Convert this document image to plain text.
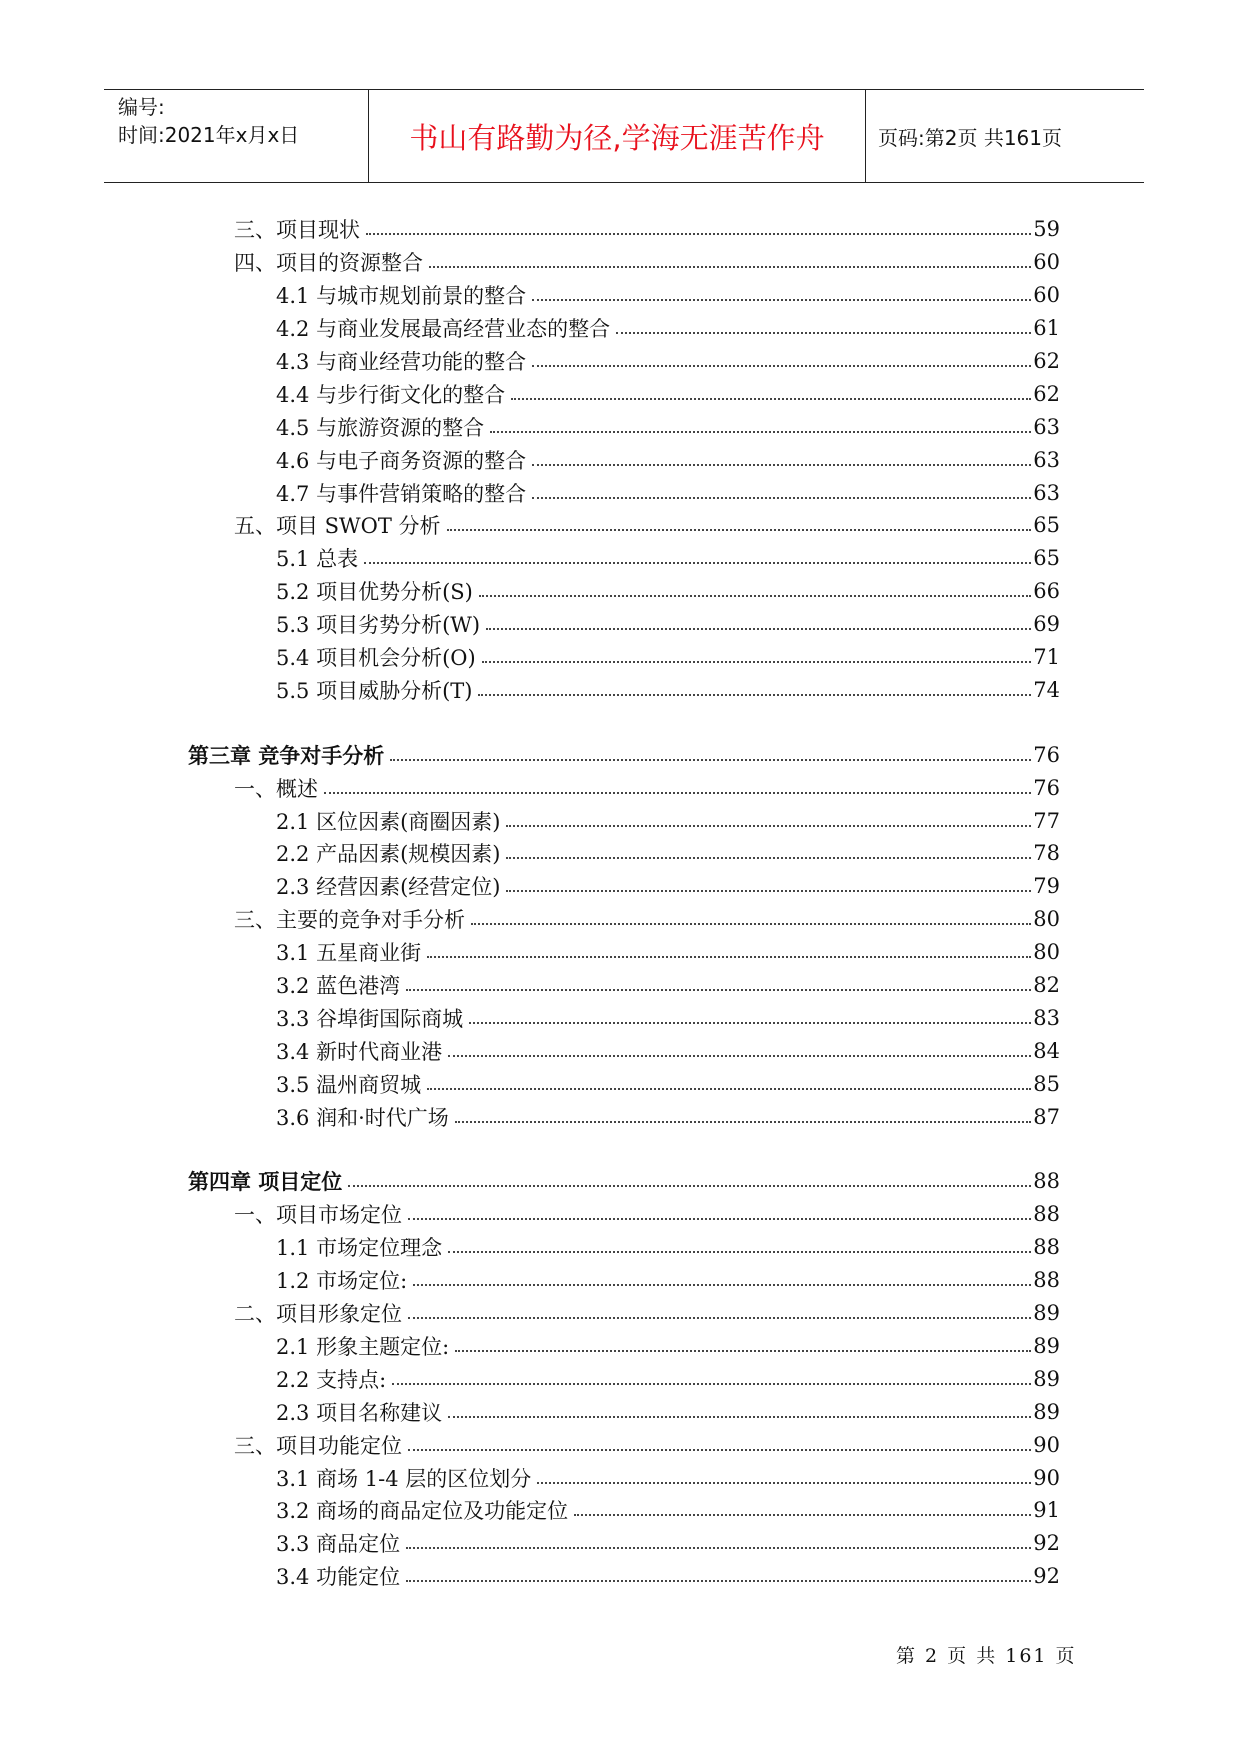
编号:
时间:2021年x月x日	书山有路勤为径,学海无涯苦作舟	页码:第2页 共161页
三、项目现状	59
四、项目的资源整合	60
4.1 与城市规划前景的整合	60
4.2 与商业发展最高经营业态的整合	61
4.3 与商业经营功能的整合	62
4.4 与步行街文化的整合	62
4.5 与旅游资源的整合	63
4.6 与电子商务资源的整合	63
4.7 与事件营销策略的整合	63
五、项目 SWOT 分析	65
5.1 总表	65
5.2 项目优势分析(S)	66
5.3 项目劣势分析(W)	69
5.4 项目机会分析(O)	71
5.5 项目威胁分析(T)	74
第三章 竞争对手分析	76
一、概述	76
2.1 区位因素(商圈因素)	77
2.2 产品因素(规模因素)	78
2.3 经营因素(经营定位)	79
三、主要的竞争对手分析	80
3.1 五星商业街	80
3.2 蓝色港湾	82
3.3 谷埠街国际商城	83
3.4 新时代商业港	84
3.5 温州商贸城	85
3.6 润和·时代广场	87
第四章 项目定位	88
一、项目市场定位	88
1.1 市场定位理念	88
1.2 市场定位:	88
二、项目形象定位	89
2.1 形象主题定位:	89
2.2 支持点:	89
2.3 项目名称建议	89
三、项目功能定位	90
3.1 商场 1-4 层的区位划分	90
3.2 商场的商品定位及功能定位	91
3.3 商品定位	92
3.4 功能定位	92
第 2 页 共 161 页
